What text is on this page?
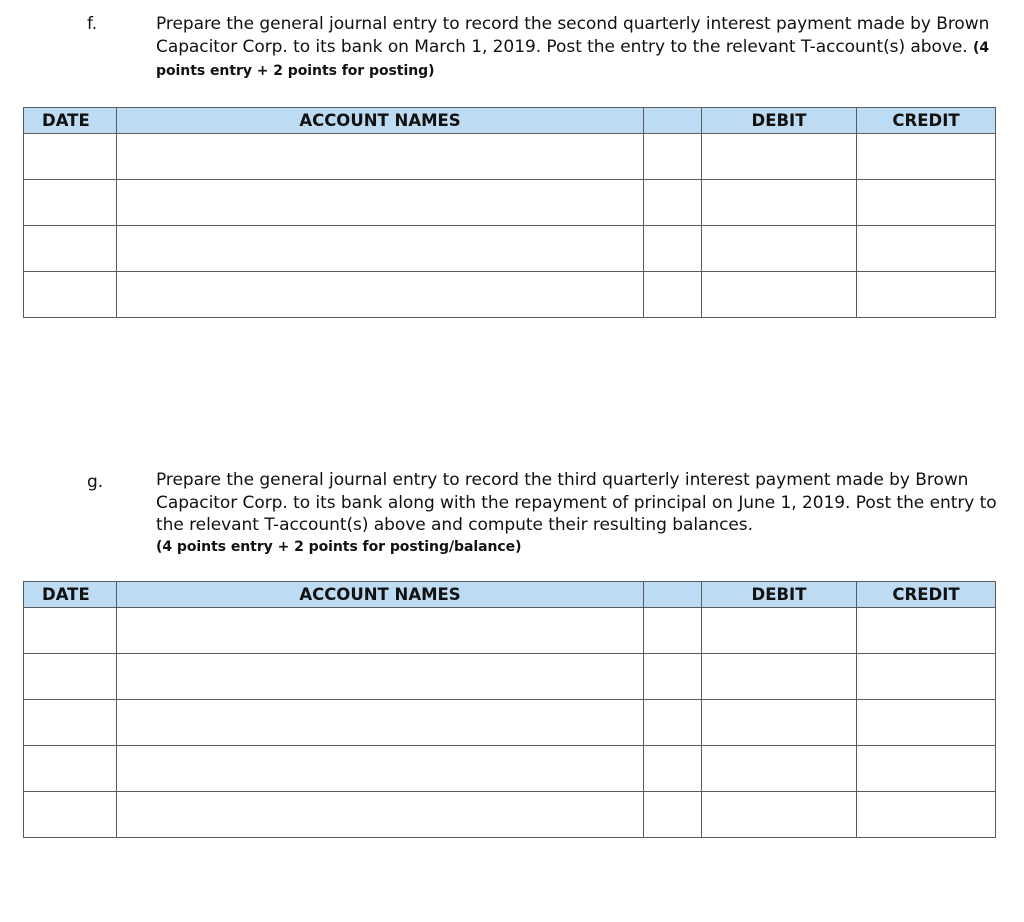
f.	Prepare the general journal entry to record the second quarterly interest payment made by Brown Capacitor Corp. to its bank on March 1, 2019. Post the entry to the relevant T-account(s) above. (4 points entry + 2 points for posting)
DATE	ACCOUNT NAMES		DEBIT	CREDIT

g.	Prepare the general journal entry to record the third quarterly interest payment made by Brown Capacitor Corp. to its bank along with the repayment of principal on June 1, 2019. Post the entry to the relevant T-account(s) above and compute their resulting balances.
(4 points entry + 2 points for posting/balance)
DATE	ACCOUNT NAMES		DEBIT	CREDIT
